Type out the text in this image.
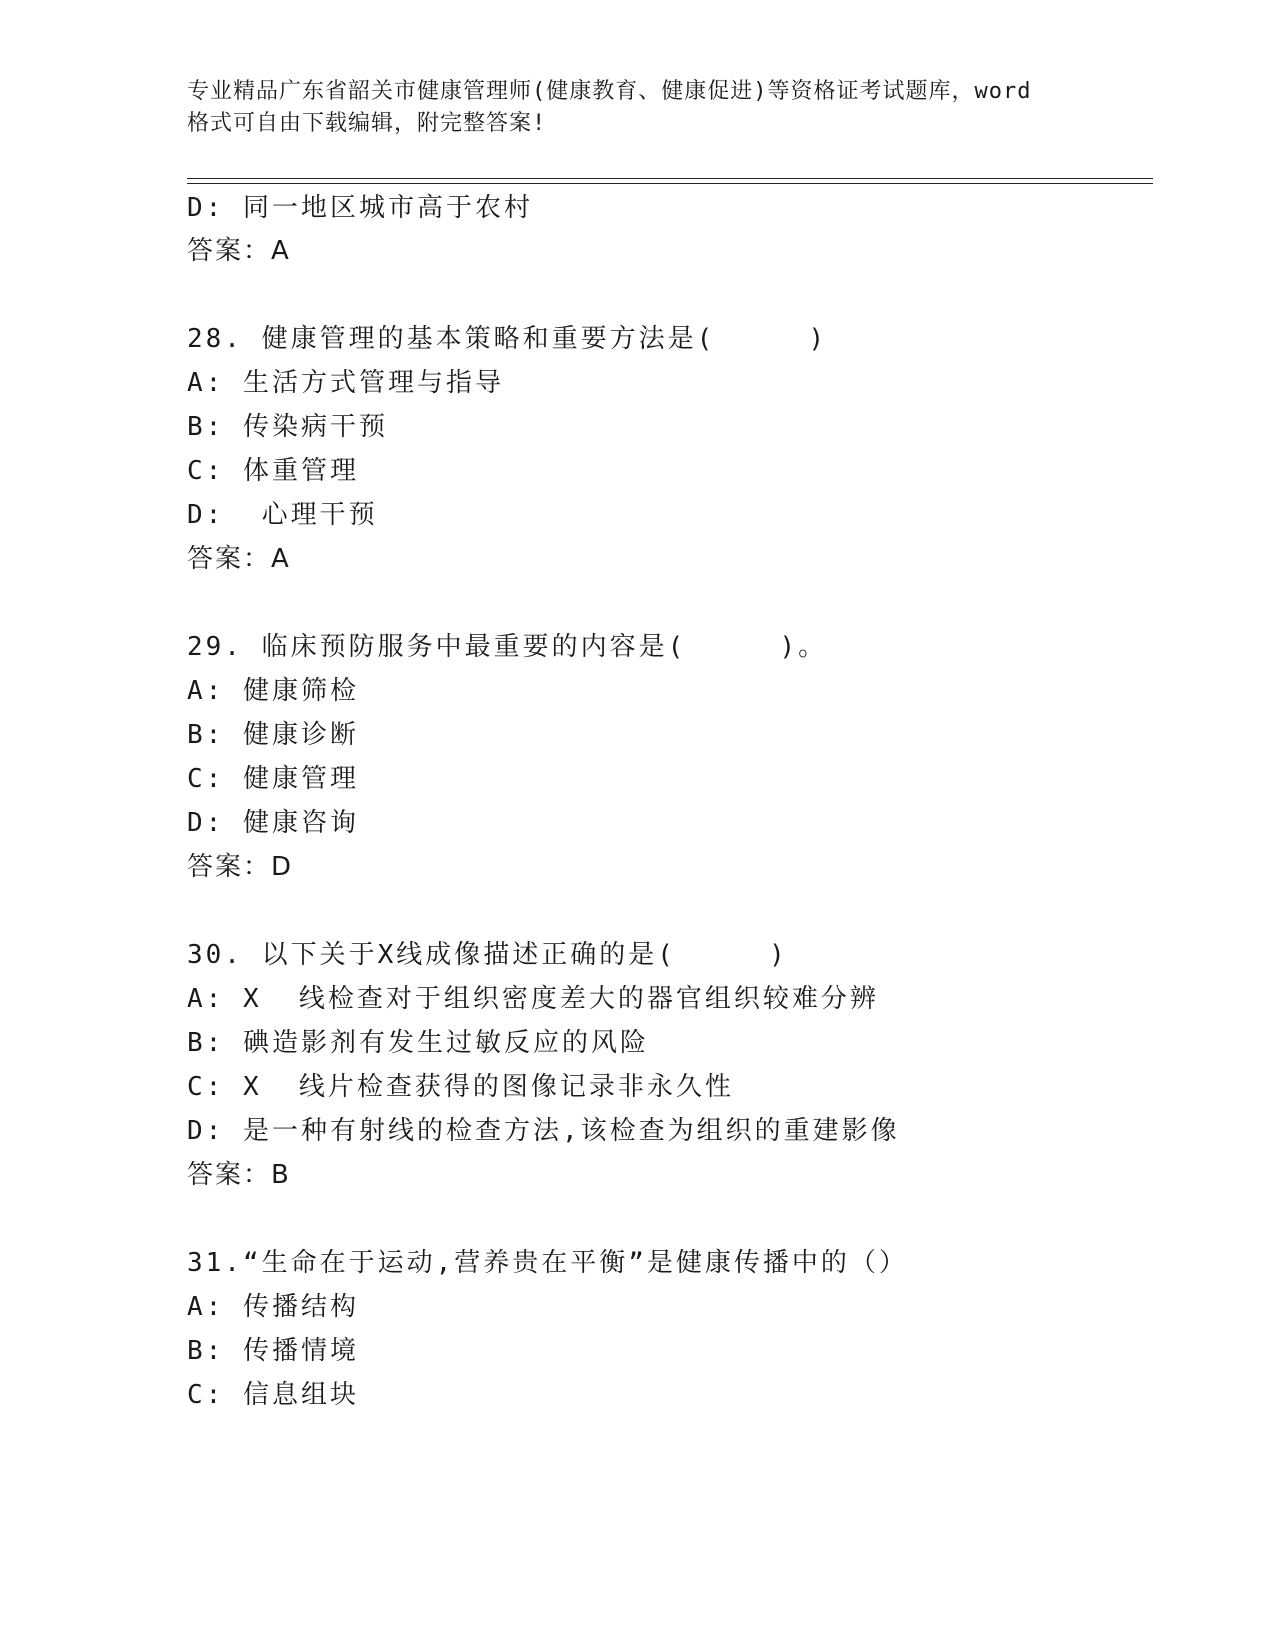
专业精品广东省韶关市健康管理师(健康教育、健康促进)等资格证考试题库，word
格式可自由下载编辑，附完整答案!
D: 同一地区城市高于农村
答案：A
28. 健康管理的基本策略和重要方法是(     )
A: 生活方式管理与指导
B: 传染病干预
C: 体重管理
D:  心理干预
答案：A
29. 临床预防服务中最重要的内容是(     )。
A: 健康筛检
B: 健康诊断
C: 健康管理
D: 健康咨询
答案：D
30. 以下关于X线成像描述正确的是(     )
A: X  线检查对于组织密度差大的器官组织较难分辨
B: 碘造影剂有发生过敏反应的风险
C: X  线片检查获得的图像记录非永久性
D: 是一种有射线的检查方法,该检查为组织的重建影像
答案：B
31.“生命在于运动,营养贵在平衡”是健康传播中的（）
A: 传播结构
B: 传播情境
C: 信息组块
